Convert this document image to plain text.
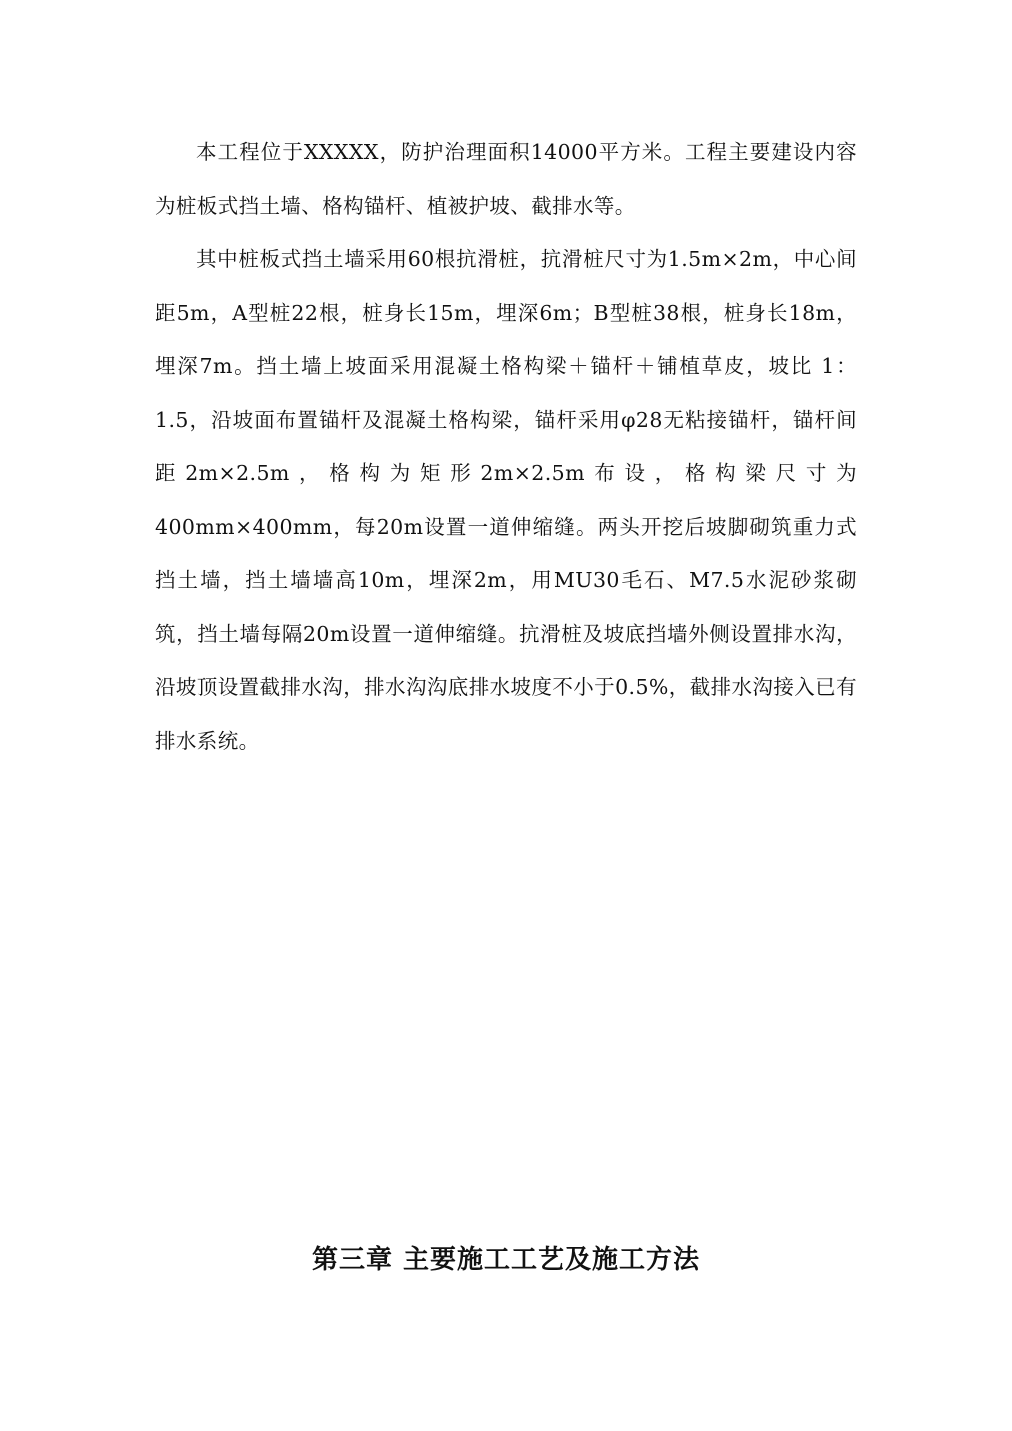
本工程位于XXXXX，防护治理面积14000平方米。工程主要建设内容为桩板式挡土墙、格构锚杆、植被护坡、截排水等。

其中桩板式挡土墙采用60根抗滑桩，抗滑桩尺寸为1.5m×2m，中心间距5m，A型桩22根，桩身长15m，埋深6m；B型桩38根，桩身长18m，埋深7m。挡土墙上坡面采用混凝土格构梁＋锚杆＋铺植草皮，坡比 1：1.5，沿坡面布置锚杆及混凝土格构梁，锚杆采用φ28无粘接锚杆，锚杆间距2m×2.5m，格构为矩形2m×2.5m布设，格构梁尺寸为400mm×400mm，每20m设置一道伸缩缝。两头开挖后坡脚砌筑重力式挡土墙，挡土墙墙高10m，埋深2m，用MU30毛石、M7.5水泥砂浆砌筑，挡土墙每隔20m设置一道伸缩缝。抗滑桩及坡底挡墙外侧设置排水沟，沿坡顶设置截排水沟，排水沟沟底排水坡度不小于0.5%，截排水沟接入已有排水系统。

第三章 主要施工工艺及施工方法
